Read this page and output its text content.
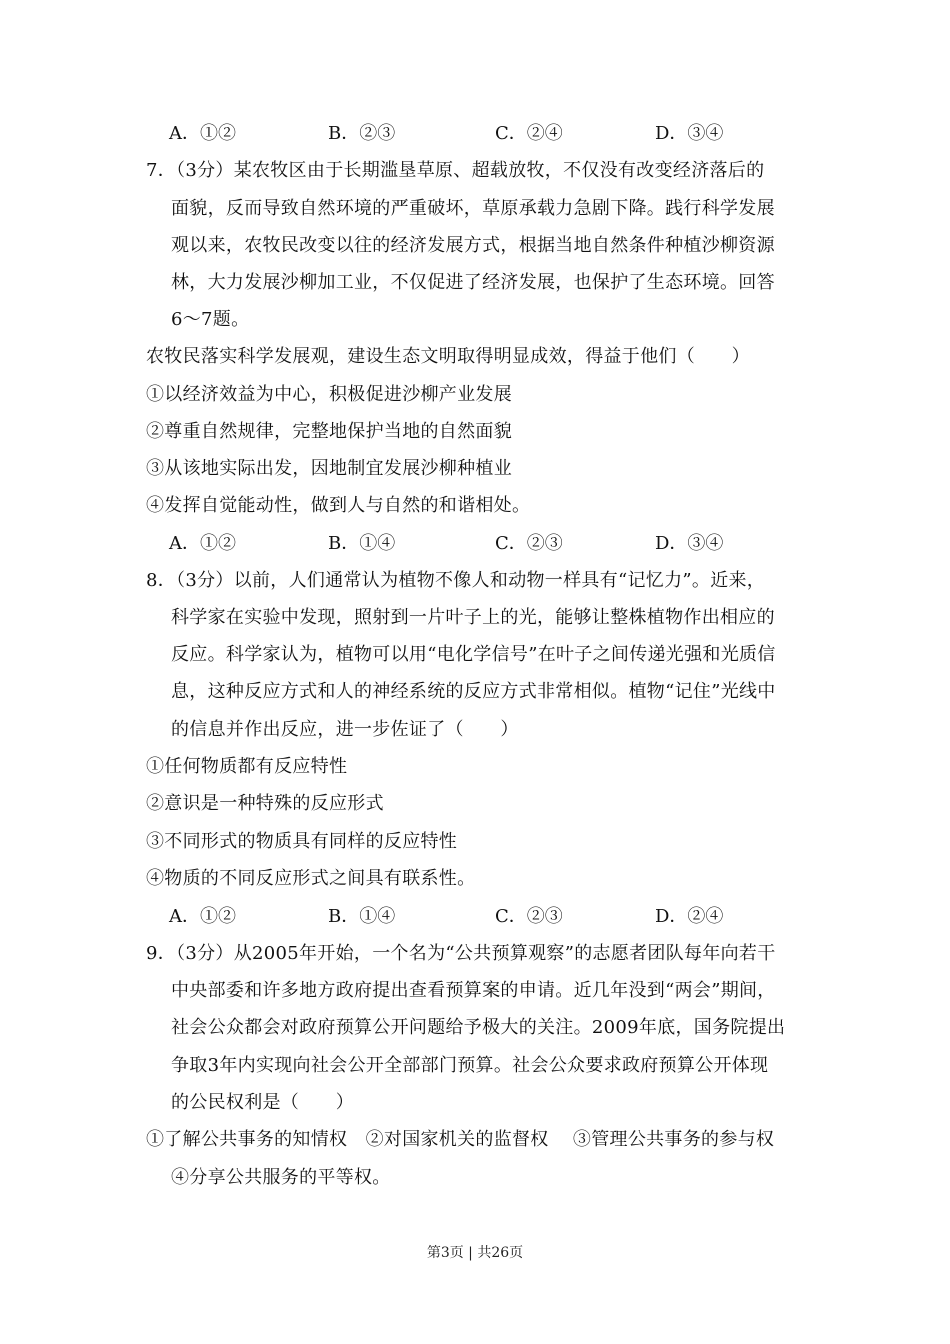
A．①②	B．②③	C．②④	D．③④
7．（3分）某农牧区由于长期滥垦草原、超载放牧，不仅没有改变经济落后的
面貌，反而导致自然环境的严重破坏，草原承载力急剧下降。践行科学发展
观以来，农牧民改变以往的经济发展方式，根据当地自然条件种植沙柳资源
林，大力发展沙柳加工业，不仅促进了经济发展，也保护了生态环境。回答
6～7题。
农牧民落实科学发展观，建设生态文明取得明显成效，得益于他们（　　）
①以经济效益为中心，积极促进沙柳产业发展
②尊重自然规律，完整地保护当地的自然面貌
③从该地实际出发，因地制宜发展沙柳种植业
④发挥自觉能动性，做到人与自然的和谐相处。
A．①②	B．①④	C．②③	D．③④
8．（3分）以前，人们通常认为植物不像人和动物一样具有“记忆力”。近来，
科学家在实验中发现，照射到一片叶子上的光，能够让整株植物作出相应的
反应。科学家认为，植物可以用“电化学信号”在叶子之间传递光强和光质信
息，这种反应方式和人的神经系统的反应方式非常相似。植物“记住”光线中
的信息并作出反应，进一步佐证了（　　）
①任何物质都有反应特性
②意识是一种特殊的反应形式
③不同形式的物质具有同样的反应特性
④物质的不同反应形式之间具有联系性。
A．①②	B．①④	C．②③	D．②④
9．（3分）从2005年开始，一个名为“公共预算观察”的志愿者团队每年向若干
中央部委和许多地方政府提出查看预算案的申请。近几年没到“两会”期间，
社会公众都会对政府预算公开问题给予极大的关注。2009年底，国务院提出
争取3年内实现向社会公开全部部门预算。社会公众要求政府预算公开体现
的公民权利是（　　）
①了解公共事务的知情权　②对国家机关的监督权　 ③管理公共事务的参与权
④分享公共服务的平等权。
第3页 | 共26页
